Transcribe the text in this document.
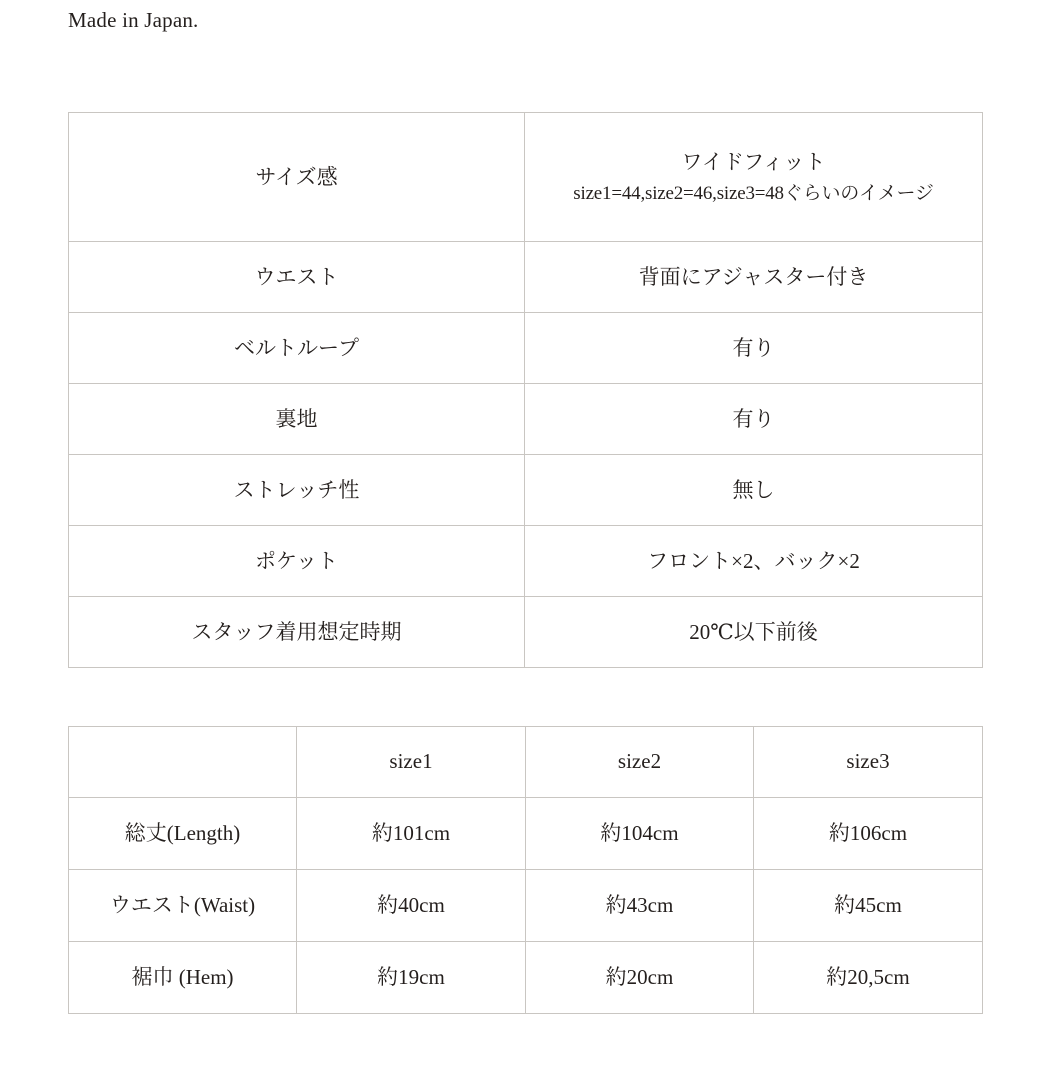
Made in Japan.
サイズ感	ワイドフィット
size1=44,size2=46,size3=48ぐらいのイメージ

ウエスト	背面にアジャスター付き
ベルトループ	有り
裏地	有り
ストレッチ性	無し
ポケット	フロント×2、バック×2
スタッフ着用想定時期	20℃以下前後
	size1	size2	size3
総丈(Length)	約101cm	約104cm	約106cm
ウエスト(Waist)	約40cm	約43cm	約45cm
裾巾 (Hem)	約19cm	約20cm	約20,5cm
